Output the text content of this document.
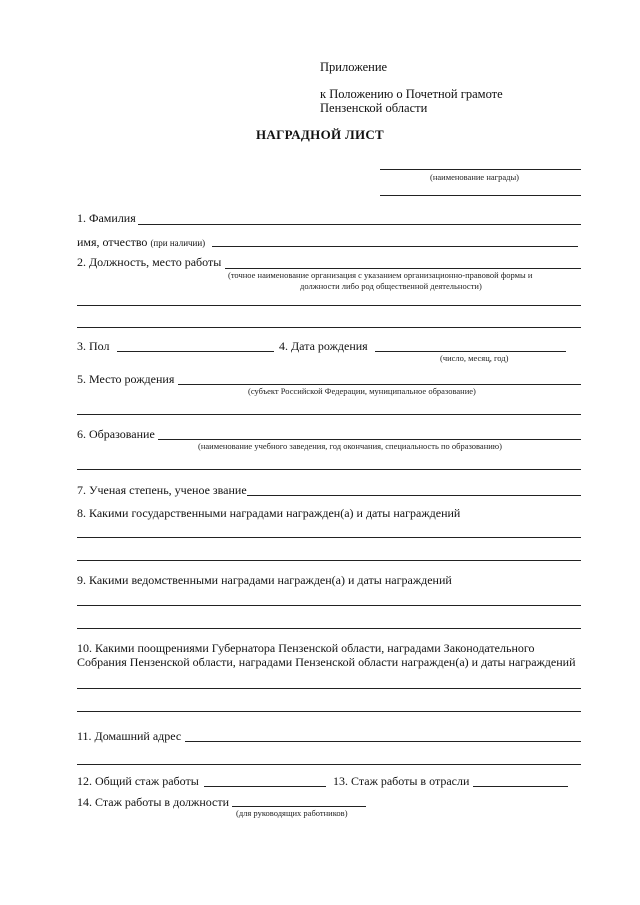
Приложение
к Положению о Почетной грамоте
Пензенской области
НАГРАДНОЙ ЛИСТ
(наименование награды)
1. Фамилия
имя, отчество (при наличии)
2. Должность, место работы
(точное наименование организация с указанием организационно-правовой формы и
должности либо род общественной деятельности)
3. Пол	4. Дата рождения
(число, месяц, год)
5. Место рождения
(субъект Российской Федерации, муниципальное образование)
6. Образование
(наименование учебного заведения, год окончания, специальность по образованию)
7. Ученая степень, ученое звание
8. Какими государственными наградами награжден(а) и даты награждений
9. Какими ведомственными наградами награжден(а) и даты награждений
10. Какими поощрениями Губернатора Пензенской области, наградами Законодательного
Собрания Пензенской области, наградами Пензенской области награжден(а) и даты награждений
11. Домашний адрес
12. Общий стаж работы	13. Стаж работы в отрасли
14. Стаж работы в должности
(для руководящих работников)
